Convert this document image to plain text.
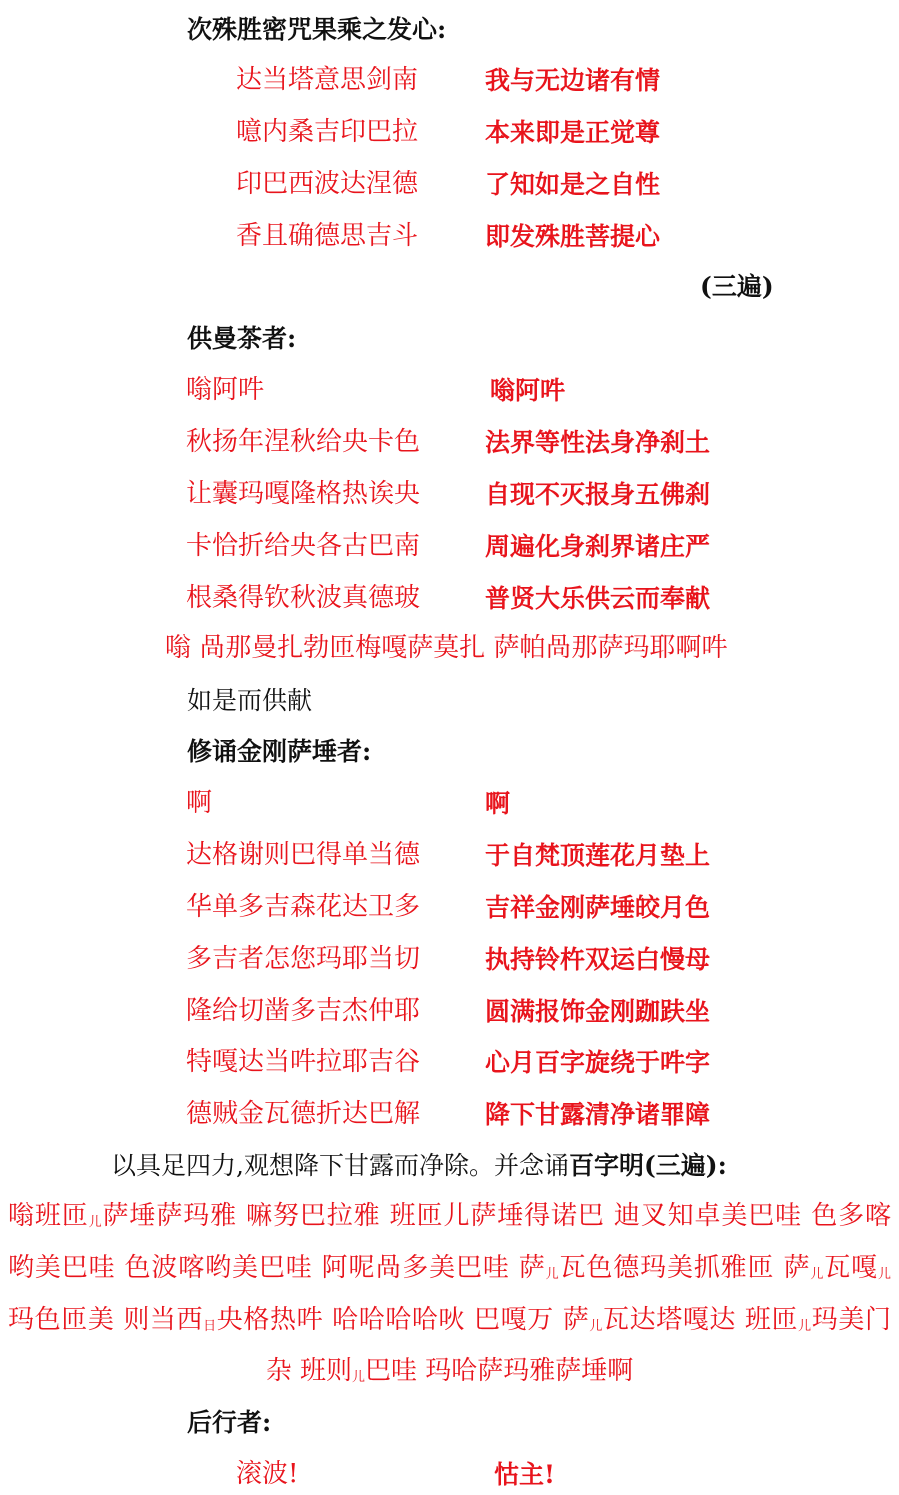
次殊胜密咒果乘之发心:
达当塔意思剑南	我与无边诸有情
噫内桑吉印巴拉	本来即是正觉尊
印巴西波达涅德	了知如是之自性
香且确德思吉斗	即发殊胜菩提心
(三遍)
供曼茶者:
嗡阿吽	嗡阿吽
秋扬年涅秋给央卡色	法界等性法身净刹土
让囊玛嘎隆格热诶央	自现不灭报身五佛刹
卡恰折给央各古巴南	周遍化身刹界诸庄严
根桑得钦秋波真德玻	普贤大乐供云而奉献
嗡 咼那曼扎勃匝梅嘎萨莫扎 萨帕咼那萨玛耶啊吽
如是而供献
修诵金刚萨埵者:
啊	啊
达格谢则巴得单当德	于自梵顶莲花月垫上
华单多吉森花达卫多	吉祥金刚萨埵皎月色
多吉者怎您玛耶当切	执持铃杵双运白慢母
隆给切凿多吉杰仲耶	圆满报饰金刚跏趺坐
特嘎达当吽拉耶吉谷	心月百字旋绕于吽字
德贼金瓦德折达巴解	降下甘露清净诸罪障
以具足四力,观想降下甘露而净除。并念诵百字明(三遍):
嗡班匝儿萨埵萨玛雅 嘛努巴拉雅 班匝儿萨埵得诺巴 迪叉知卓美巴哇 色多喀
哟美巴哇 色波喀哟美巴哇 阿呢咼多美巴哇 萨儿瓦色德玛美抓雅匝 萨儿瓦嘎儿
玛色匝美 则当西日央格热吽 哈哈哈哈吙 巴嘎万 萨儿瓦达塔嘎达 班匝儿玛美门
杂 班则儿巴哇 玛哈萨玛雅萨埵啊
后行者:
滚波!	怙主!
